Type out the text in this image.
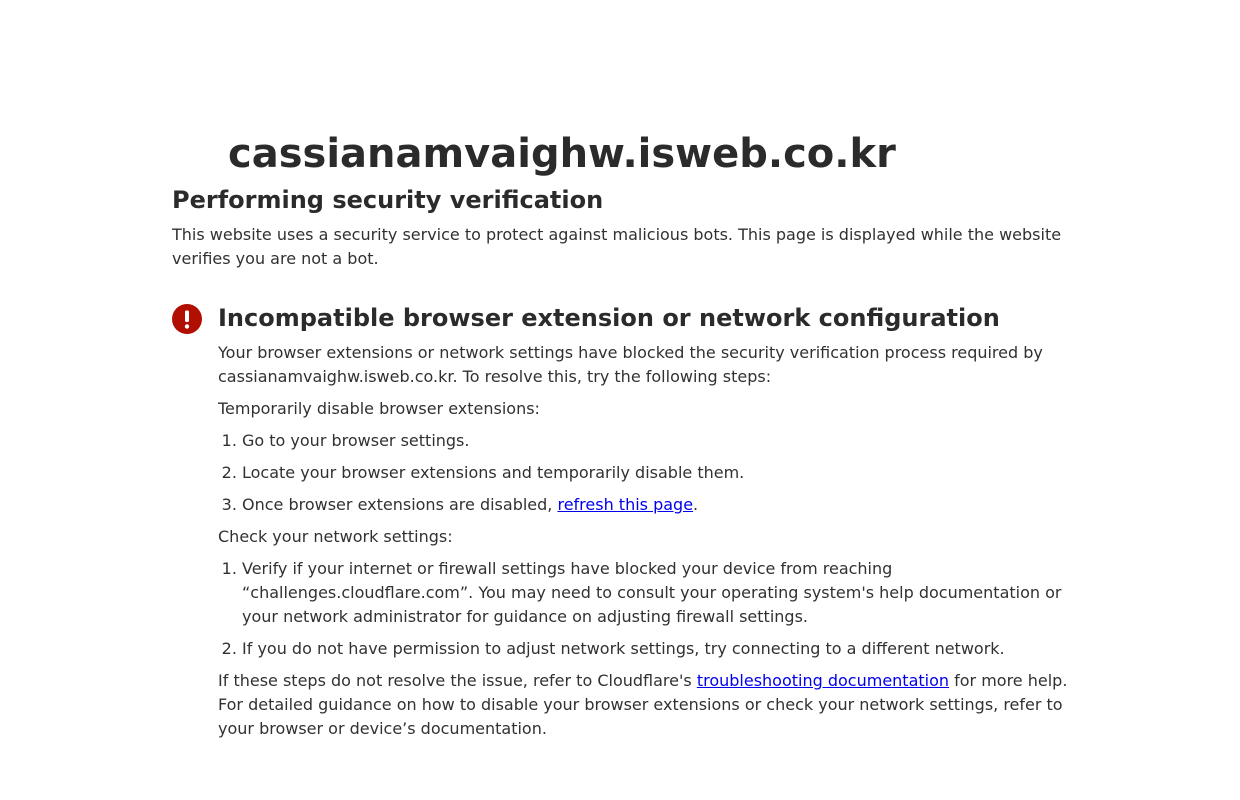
cassianamvaighw.isweb.co.kr
Performing security verification

This website uses a security service to protect against malicious bots. This page is displayed while the website verifies you are not a bot.

Incompatible browser extension or network configuration

Your browser extensions or network settings have blocked the security verification process required by cassianamvaighw.isweb.co.kr. To resolve this, try the following steps:

Temporarily disable browser extensions:

1. Go to your browser settings.
2. Locate your browser extensions and temporarily disable them.
3. Once browser extensions are disabled, refresh this page.

Check your network settings:

1. Verify if your internet or firewall settings have blocked your device from reaching “challenges.cloudflare.com”. You may need to consult your operating system's help documentation or your network administrator for guidance on adjusting firewall settings.
2. If you do not have permission to adjust network settings, try connecting to a different network.

If these steps do not resolve the issue, refer to Cloudflare's troubleshooting documentation for more help. For detailed guidance on how to disable your browser extensions or check your network settings, refer to your browser or device’s documentation.
